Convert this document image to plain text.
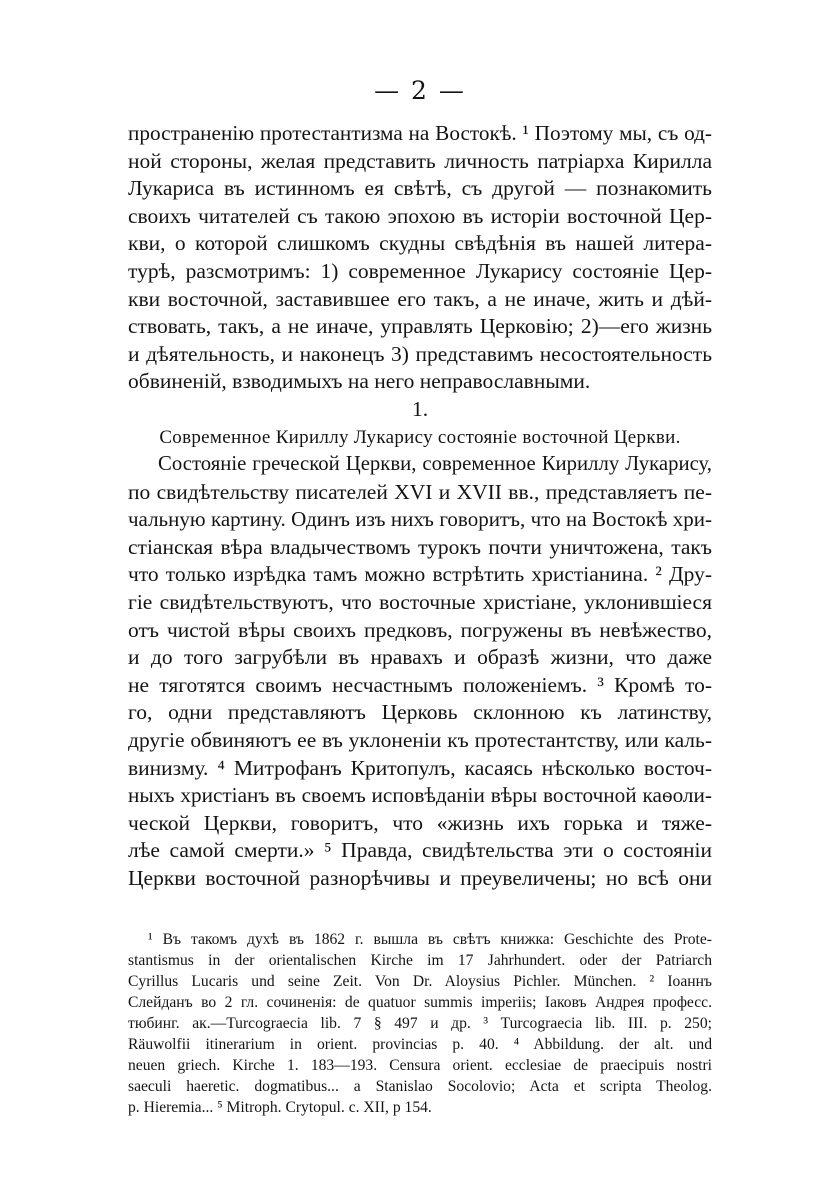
— 2 —
пространенію протестантизма на Востокѣ. ¹ Поэтому мы, съ од-
ной стороны, желая представить личность патріарха Кирилла
Лукариса въ истинномъ ея свѣтѣ, съ другой — познакомить
своихъ читателей съ такою эпохою въ исторіи восточной Цер-
кви, о которой слишкомъ скудны свѣдѣнія въ нашей литера-
турѣ, разсмотримъ: 1) современное Лукарису состояніе Цер-
кви восточной, заставившее его такъ, а не иначе, жить и дѣй-
ствовать, такъ, а не иначе, управлять Церковію; 2)—его жизнь
и дѣятельность, и наконецъ 3) представимъ несостоятельность
обвиненій, взводимыхъ на него неправославными.
1.
Современное Кириллу Лукарису состояніе восточной Церкви.
Состояніе греческой Церкви, современное Кириллу Лукарису,
по свидѣтельству писателей XVI и XVII вв., представляетъ пе-
чальную картину. Одинъ изъ нихъ говоритъ, что на Востокѣ хри-
стіанская вѣра владычествомъ турокъ почти уничтожена, такъ
что только изрѣдка тамъ можно встрѣтить христіанина. ² Дру-
гіе свидѣтельствуютъ, что восточные христіане, уклонившіеся
отъ чистой вѣры своихъ предковъ, погружены въ невѣжество,
и до того загрубѣли въ нравахъ и образѣ жизни, что даже
не тяготятся своимъ несчастнымъ положеніемъ. ³ Кромѣ то-
го, одни представляютъ Церковь склонною къ латинству,
другіе обвиняютъ ее въ уклоненіи къ протестантству, или каль-
винизму. ⁴ Митрофанъ Критопулъ, касаясь нѣсколько восточ-
ныхъ христіанъ въ своемъ исповѣданіи вѣры восточной каѳоли-
ческой Церкви, говоритъ, что «жизнь ихъ горька и тяже-
лѣе самой смерти.» ⁵ Правда, свидѣтельства эти о состояніи
Церкви восточной разнорѣчивы и преувеличены; но всѣ они
¹ Въ такомъ духѣ въ 1862 г. вышла въ свѣтъ книжка: Geschichte des Prote-
stantismus in der orientalischen Kirche im 17 Jahrhundert. oder der Patriarch
Cyrillus Lucaris und seine Zeit. Von Dr. Aloysius Pichler. München. ² Іоаннъ
Слейданъ во 2 гл. сочиненія: de quatuor summis imperiis; Іаковъ Андрея професс.
тюбинг. ак.—Turcograecia lib. 7 § 497 и др. ³ Turcograecia lib. III. p. 250;
Räuwolfii itinerarium in orient. provincias p. 40. ⁴ Abbildung. der alt. und
neuen griech. Kirche 1. 183—193. Censura orient. ecclesiae de praecipuis nostri
saeculi haeretic. dogmatibus... a Stanislao Socolovio; Acta et scripta Theolog.
p. Hieremia... ⁵ Mitroph. Crytopul. c. XII, p 154.
